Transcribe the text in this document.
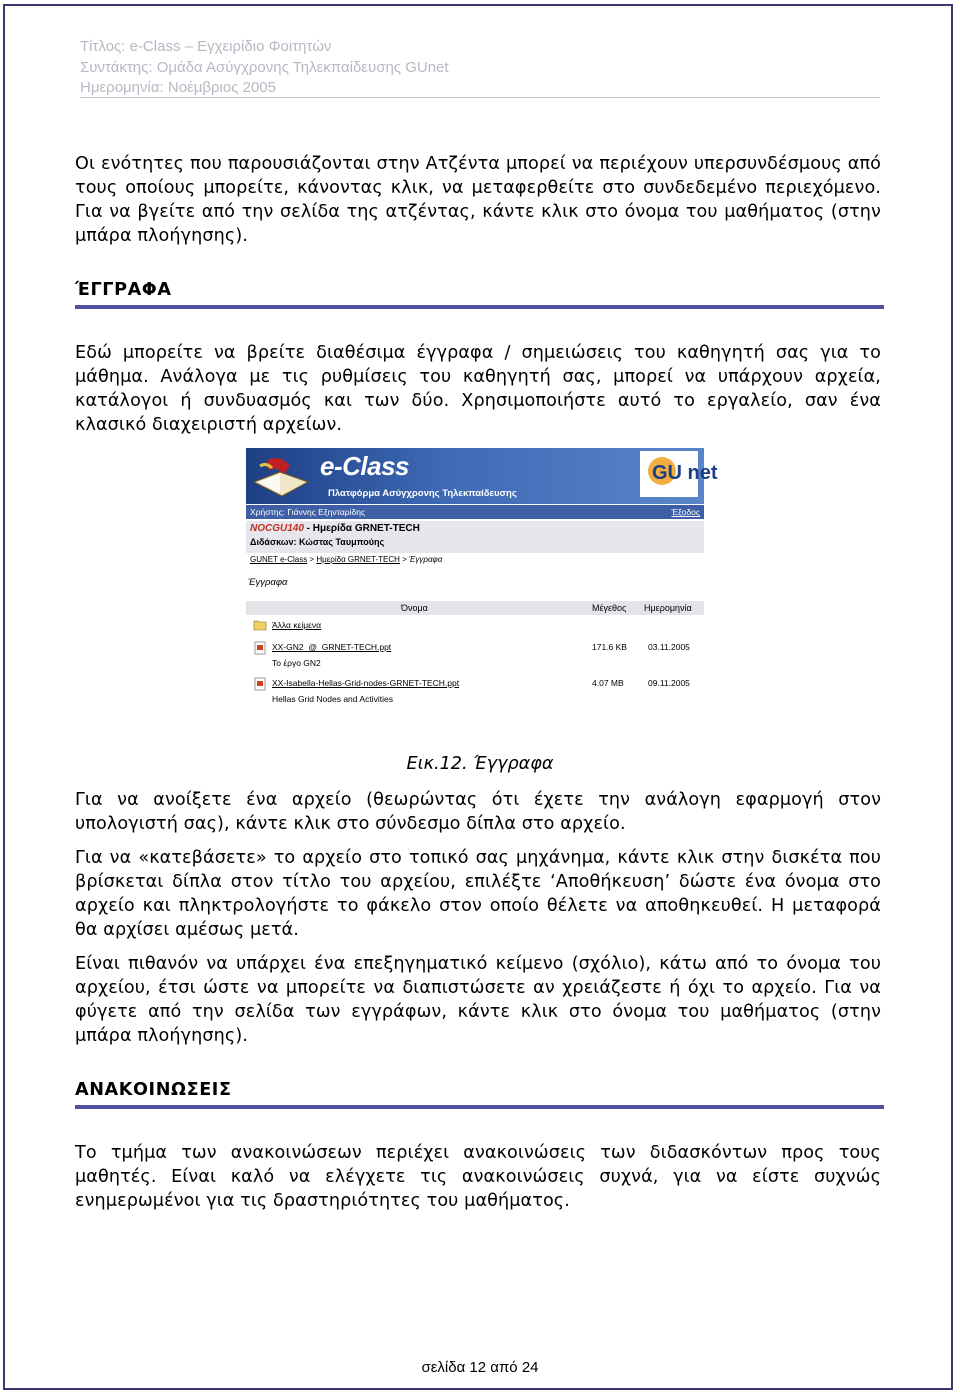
Τίτλος: e-Class – Εγχειρίδιο Φοιτητών
Συντάκτης: Ομάδα Ασύγχρονης Τηλεκπαίδευσης GUnet
Ημερομηνία: Νοέμβριος 2005
Οι ενότητες που παρουσιάζονται στην Ατζέντα μπορεί να περιέχουν υπερσυνδέσμους από τους οποίους μπορείτε, κάνοντας κλικ, να μεταφερθείτε στο συνδεδεμένο περιεχόμενο. Για να βγείτε από την σελίδα της ατζέντας, κάντε κλικ στο όνομα του μαθήματος (στην μπάρα πλοήγησης).
ΈΓΓΡΑΦΑ
Εδώ μπορείτε να βρείτε διαθέσιμα έγγραφα / σημειώσεις του καθηγητή σας για το μάθημα. Ανάλογα με τις ρυθμίσεις του καθηγητή σας, μπορεί να υπάρχουν αρχεία, κατάλογοι ή συνδυασμός και των δύο. Χρησιμοποιήστε αυτό το εργαλείο, σαν ένα κλασικό διαχειριστή αρχείων.
e-Class
Πλατφόρμα Ασύγχρονης Τηλεκπαίδευσης
GU net
Χρήστης: Γιάννης Εξηνταρίδης	Έξοδος
NOCGU140 - Ημερίδα GRNET-TECH
Διδάσκων: Κώστας Ταυμπούης
GUNET e-Class > Ημερίδα GRNET-TECH > Έγγραφα
Έγγραφα
Όνομα	Μέγεθος Ημερομηνία
Άλλα κείμενα
XX-GN2_@_GRNET-TECH.ppt	171.6 KB 03.11.2005
Το έργο GN2
XX-Isabella-Hellas-Grid-nodes-GRNET-TECH.ppt	4.07 MB	09.11.2005
Hellas Grid Nodes and Activities
Εικ.12. Έγγραφα
Για να ανοίξετε ένα αρχείο (θεωρώντας ότι έχετε την ανάλογη εφαρμογή στον υπολογιστή σας), κάντε κλικ στο σύνδεσμο δίπλα στο αρχείο.
Για να «κατεβάσετε» το αρχείο στο τοπικό σας μηχάνημα, κάντε κλικ στην δισκέτα που βρίσκεται δίπλα στον τίτλο του αρχείου, επιλέξτε ‘Αποθήκευση’ δώστε ένα όνομα στο αρχείο και πληκτρολογήστε το φάκελο στον οποίο θέλετε να αποθηκευθεί. Η μεταφορά θα αρχίσει αμέσως μετά.
Είναι πιθανόν να υπάρχει ένα επεξηγηματικό κείμενο (σχόλιο), κάτω από το όνομα του αρχείου, έτσι ώστε να μπορείτε να διαπιστώσετε αν χρειάζεστε ή όχι το αρχείο. Για να φύγετε από την σελίδα των εγγράφων, κάντε κλικ στο όνομα του μαθήματος (στην μπάρα πλοήγησης).
ΑΝΑΚΟΙΝΩΣΕΙΣ
Το τμήμα των ανακοινώσεων περιέχει ανακοινώσεις των διδασκόντων προς τους μαθητές. Είναι καλό να ελέγχετε τις ανακοινώσεις συχνά, για να είστε συχνώς ενημερωμένοι για τις δραστηριότητες του μαθήματος.
σελίδα 12 από 24
